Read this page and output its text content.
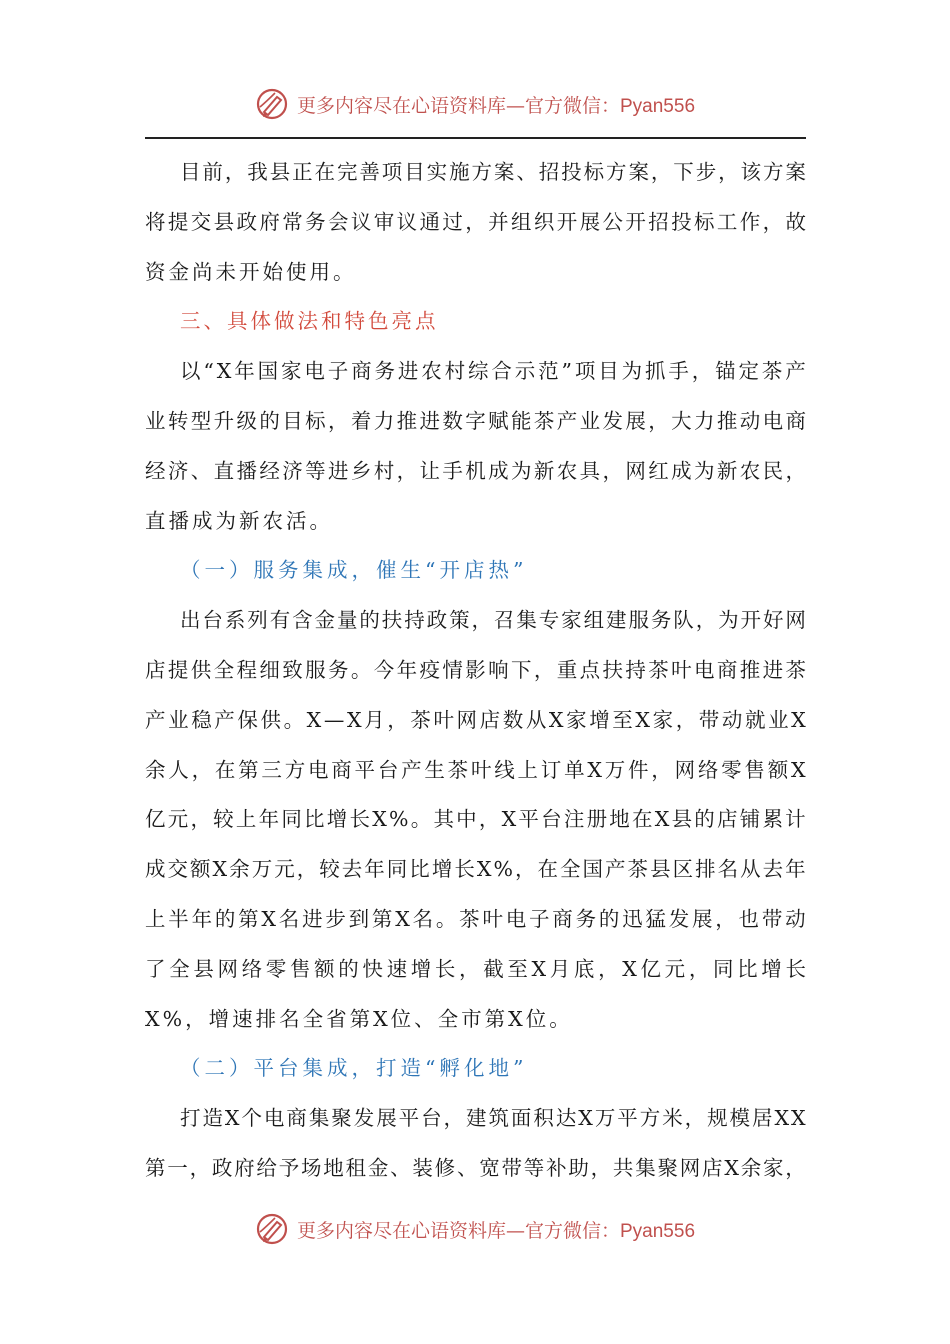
更多内容尽在心语资料库—官方微信：Pyan556
目 前 ， 我 县 正 在 完 善 项 目 实 施 方 案 、 招 投 标 方 案 ， 下 步 ， 该 方 案
将 提 交 县 政 府 常 务 会 议 审 议 通 过 ， 并 组 织 开 展 公 开 招 投 标 工 作 ， 故
资金尚未开始使用。
三、具体做法和特色亮点
以 “ X 年 国 家 电 子 商 务 进 农 村 综 合 示 范 ” 项 目 为 抓 手 ， 锚 定 茶 产
业 转 型 升 级 的 目 标 ， 着 力 推 进 数 字 赋 能 茶 产 业 发 展 ， 大 力 推 动 电 商
经 济 、 直 播 经 济 等 进 乡 村 ， 让 手 机 成 为 新 农 具 ， 网 红 成 为 新 农 民 ，
直播成为新农活。
（一）服务集成，催生“开店热”
出 台 系 列 有 含 金 量 的 扶 持 政 策 ， 召 集 专 家 组 建 服 务 队 ， 为 开 好 网
店 提 供 全 程 细 致 服 务 。 今 年 疫 情 影 响 下 ， 重 点 扶 持 茶 叶 电 商 推 进 茶
产 业 稳 产 保 供 。 X — X 月 ， 茶 叶 网 店 数 从 X 家 增 至 X 家 ， 带 动 就 业 X
余 人 ， 在 第 三 方 电 商 平 台 产 生 茶 叶 线 上 订 单 X 万 件 ， 网 络 零 售 额 X
亿 元 ， 较 上 年 同 比 增 长 X % 。 其 中 ， X 平 台 注 册 地 在 X 县 的 店 铺 累 计
成 交 额 X 余 万 元 ， 较 去 年 同 比 增 长 X % ， 在 全 国 产 茶 县 区 排 名 从 去 年
上 半 年 的 第 X 名 进 步 到 第 X 名 。 茶 叶 电 子 商 务 的 迅 猛 发 展 ， 也 带 动
了 全 县 网 络 零 售 额 的 快 速 增 长 ， 截 至 X 月 底 ， X 亿 元 ， 同 比 增 长
X%，增速排名全省第X位、全市第X位。
（二）平台集成，打造“孵化地”
打 造 X 个 电 商 集 聚 发 展 平 台 ， 建 筑 面 积 达 X 万 平 方 米 ， 规 模 居 X X
第 一 ， 政 府 给 予 场 地 租 金 、 装 修 、 宽 带 等 补 助 ， 共 集 聚 网 店 X 余 家 ，
更多内容尽在心语资料库—官方微信：Pyan556
